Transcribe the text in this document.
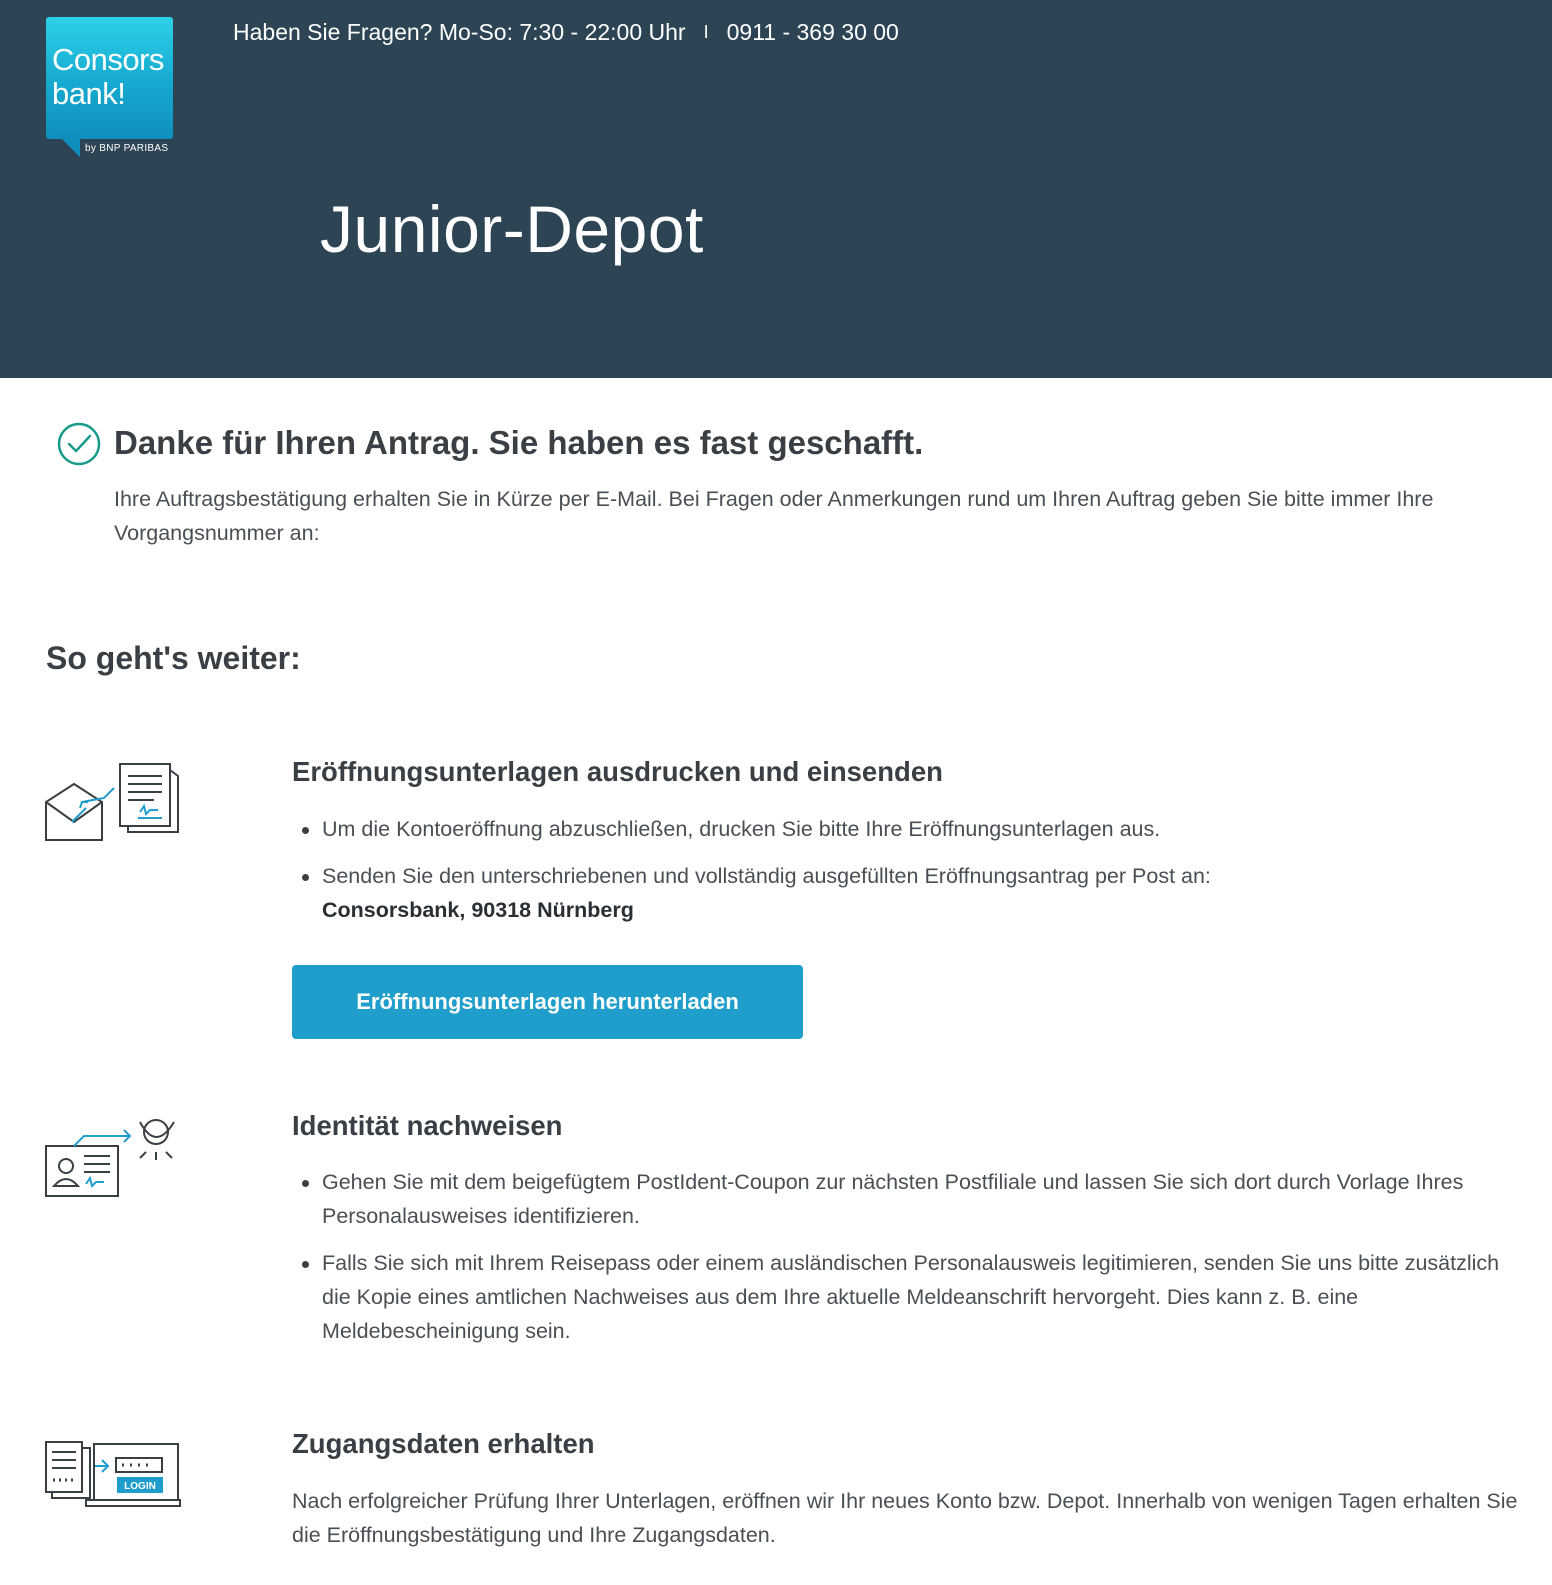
Consors
bank!
by BNP PARIBAS
Haben Sie Fragen? Mo-So: 7:30 - 22:00 Uhr I 0911 - 369 30 00
Junior-Depot
Danke für Ihren Antrag. Sie haben es fast geschafft.

Ihre Auftragsbestätigung erhalten Sie in Kürze per E-Mail. Bei Fragen oder Anmerkungen rund um Ihren Auftrag geben Sie bitte immer Ihre Vorgangsnummer an:

So geht's weiter:
Eröffnungsunterlagen ausdrucken und einsenden
Um die Kontoeröffnung abzuschließen, drucken Sie bitte Ihre Eröffnungsunterlagen aus.
Senden Sie den unterschriebenen und vollständig ausgefüllten Eröffnungsantrag per Post an:
Consorsbank, 90318 Nürnberg
Eröffnungsunterlagen herunterladen
Identität nachweisen
Gehen Sie mit dem beigefügtem PostIdent-Coupon zur nächsten Postfiliale und lassen Sie sich dort durch Vorlage Ihres Personalausweises identifizieren.
Falls Sie sich mit Ihrem Reisepass oder einem ausländischen Personalausweis legitimieren, senden Sie uns bitte zusätzlich die Kopie eines amtlichen Nachweises aus dem Ihre aktuelle Meldeanschrift hervorgeht. Dies kann z. B. eine Meldebescheinigung sein.
LOGIN
Zugangsdaten erhalten

Nach erfolgreicher Prüfung Ihrer Unterlagen, eröffnen wir Ihr neues Konto bzw. Depot. Innerhalb von wenigen Tagen erhalten Sie die Eröffnungsbestätigung und Ihre Zugangsdaten.
